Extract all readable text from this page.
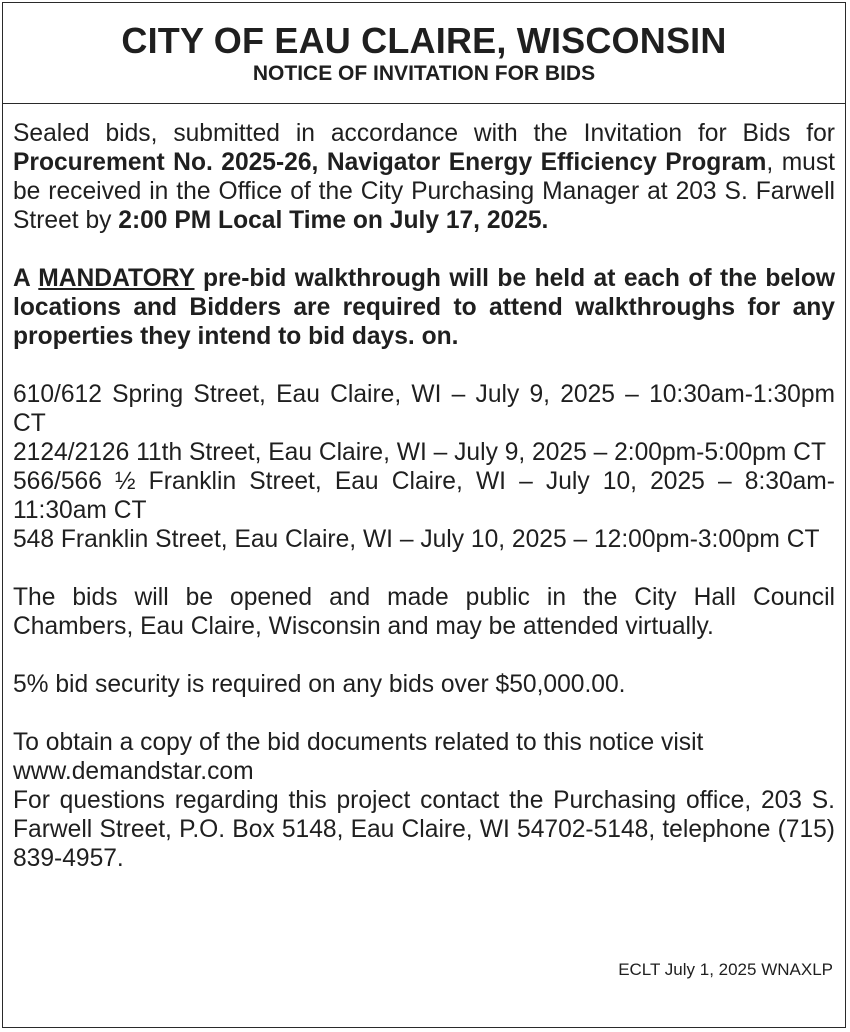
CITY OF EAU CLAIRE, WISCONSIN
NOTICE OF INVITATION FOR BIDS

Sealed bids, submitted in accordance with the Invitation for Bids for Procurement No. 2025-26, Navigator Energy Efficiency Program, must be received in the Office of the City Purchasing Manager at 203 S. Farwell Street by 2:00 PM Local Time on July 17, 2025.

A MANDATORY pre-bid walkthrough will be held at each of the below locations and Bidders are required to attend walkthroughs for any properties they intend to bid days. on.

610/612 Spring Street, Eau Claire, WI – July 9, 2025 – 10:30am-1:30pm CT

2124/2126 11th Street, Eau Claire, WI – July 9, 2025 – 2:00pm-5:00pm CT

566/566 ½ Franklin Street, Eau Claire, WI – July 10, 2025 – 8:30am-11:30am CT

548 Franklin Street, Eau Claire, WI – July 10, 2025 – 12:00pm-3:00pm CT

The bids will be opened and made public in the City Hall Council Chambers, Eau Claire, Wisconsin and may be attended virtually.

5% bid security is required on any bids over $50,000.00.

To obtain a copy of the bid documents related to this notice visit

www.demandstar.com

For questions regarding this project contact the Purchasing office, 203 S. Farwell Street, P.O. Box 5148, Eau Claire, WI 54702-5148, telephone (715) 839-4957.

ECLT July 1, 2025 WNAXLP
